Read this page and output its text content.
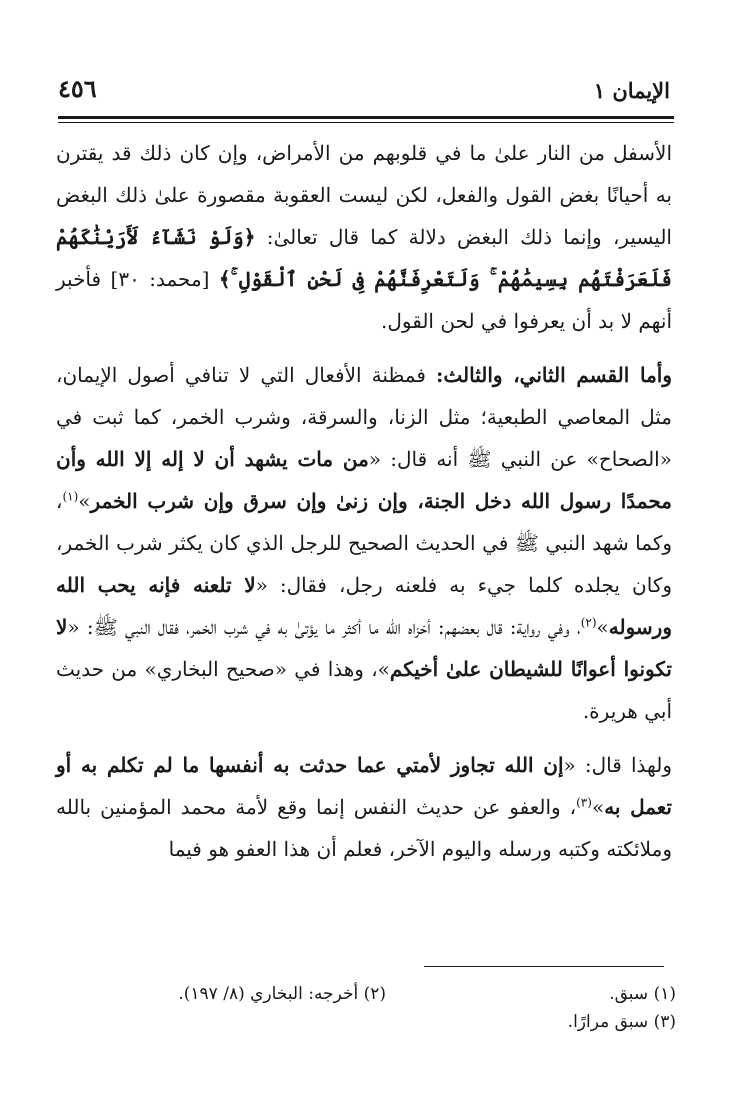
٤٥٦	الإيمان ١

الأسفل من النار علىٰ ما في قلوبهم من الأمراض، وإن كان ذلك قد يقترن به أحيانًا بغض القول والفعل، لكن ليست العقوبة مقصورة علىٰ ذلك البغض اليسير، وإنما ذلك البغض دلالة كما قال تعالىٰ: ﴿وَلَوْ نَشَآءُ لَأَرَيْنَٰكَهُمْ فَلَعَرَفْتَهُم بِسِيمَٰهُمْ ۚ وَلَتَعْرِفَنَّهُمْ فِى لَحْنِ ٱلْقَوْلِ ۚ﴾ [محمد: ٣٠] فأخبر أنهم لا بد أن يعرفوا في لحن القول.

وأما القسم الثاني، والثالث: فمظنة الأفعال التي لا تنافي أصول الإيمان، مثل المعاصي الطبعية؛ مثل الزنا، والسرقة، وشرب الخمر، كما ثبت في «الصحاح» عن النبي ﷺ أنه قال: «من مات يشهد أن لا إله إلا الله وأن محمدًا رسول الله دخل الجنة، وإن زنىٰ وإن سرق وإن شرب الخمر»$^{(١)}$، وكما شهد النبي ﷺ في الحديث الصحيح للرجل الذي كان يكثر شرب الخمر، وكان يجلده كلما جيء به فلعنه رجل، فقال: «لا تلعنه فإنه يحب الله ورسوله»$^{(٢)}$، وفي رواية: قال بعضهم: أخزاه الله ما أكثر ما يؤتىٰ به في شرب الخمر، فقال النبي ﷺ: «لا تكونوا أعوانًا للشيطان علىٰ أخيكم»، وهذا في «صحيح البخاري» من حديث أبي هريرة.

ولهذا قال: «إن الله تجاوز لأمتي عما حدثت به أنفسها ما لم تكلم به أو تعمل به»$^{(٣)}$، والعفو عن حديث النفس إنما وقع لأمة محمد المؤمنين بالله وملائكته وكتبه ورسله واليوم الآخر، فعلم أن هذا العفو هو فيما

(١) سبق.
(٢) أخرجه: البخاري (٨/ ١٩٧).
(٣) سبق مرارًا.
